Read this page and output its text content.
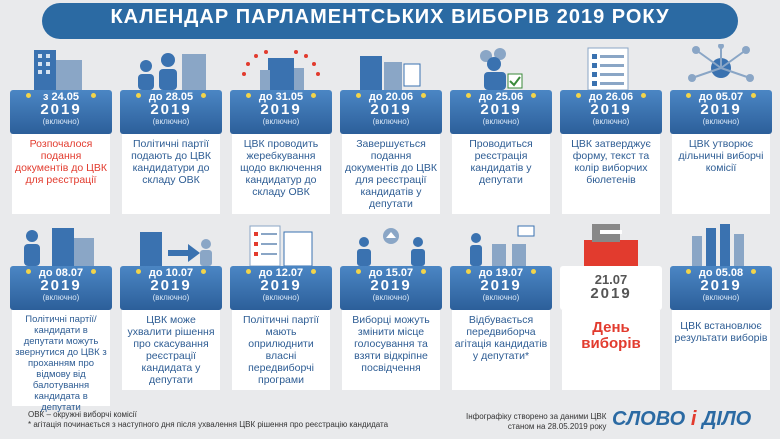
КАЛЕНДАР ПАРЛАМЕНТСЬКИХ ВИБОРІВ 2019 РОКУ
з 24.05
2019
(включно)
Розпочалося подання документів до ЦВК для реєстрації
до 28.05
2019
(включно)
Політичні партії подають до ЦВК кандидатури до складу ОВК
до 31.05
2019
(включно)
ЦВК проводить жеребкування щодо включення кандидатур до складу ОВК
до 20.06
2019
(включно)
Завершується подання документів до ЦВК для реєстрації кандидатів у депутати
до 25.06
2019
(включно)
Проводиться реєстрація кандидатів у депутати
до 26.06
2019
(включно)
ЦВК затверджує форму, текст та колір виборчих бюлетенів
до 05.07
2019
(включно)
ЦВК утворює дільничні виборчі комісії
до 08.07
2019
(включно)
Політичні партії/кандидати в депутати можуть звернутися до ЦВК з проханням про відмову від балотування кандидата в депутати
до 10.07
2019
(включно)
ЦВК може ухвалити рішення про скасування реєстрації кандидата у депутати
до 12.07
2019
(включно)
Політичні партії мають оприлюднити власні передвиборчі програми
до 15.07
2019
(включно)
Виборці можуть змінити місце голосування та взяти відкріпне посвідчення
до 19.07
2019
(включно)
Відбувається передвиборча агітація кандидатів у депутати*
21.07
2019
День виборів
до 05.08
2019
(включно)
ЦВК встановлює результати виборів
ОВК – окружні виборчі комісії
* агітація починається з наступного дня після ухвалення ЦВК рішення про реєстрацію кандидата
Інфографіку створено за даними ЦВК
станом на 28.05.2019 року СЛОВО і ДІЛО
